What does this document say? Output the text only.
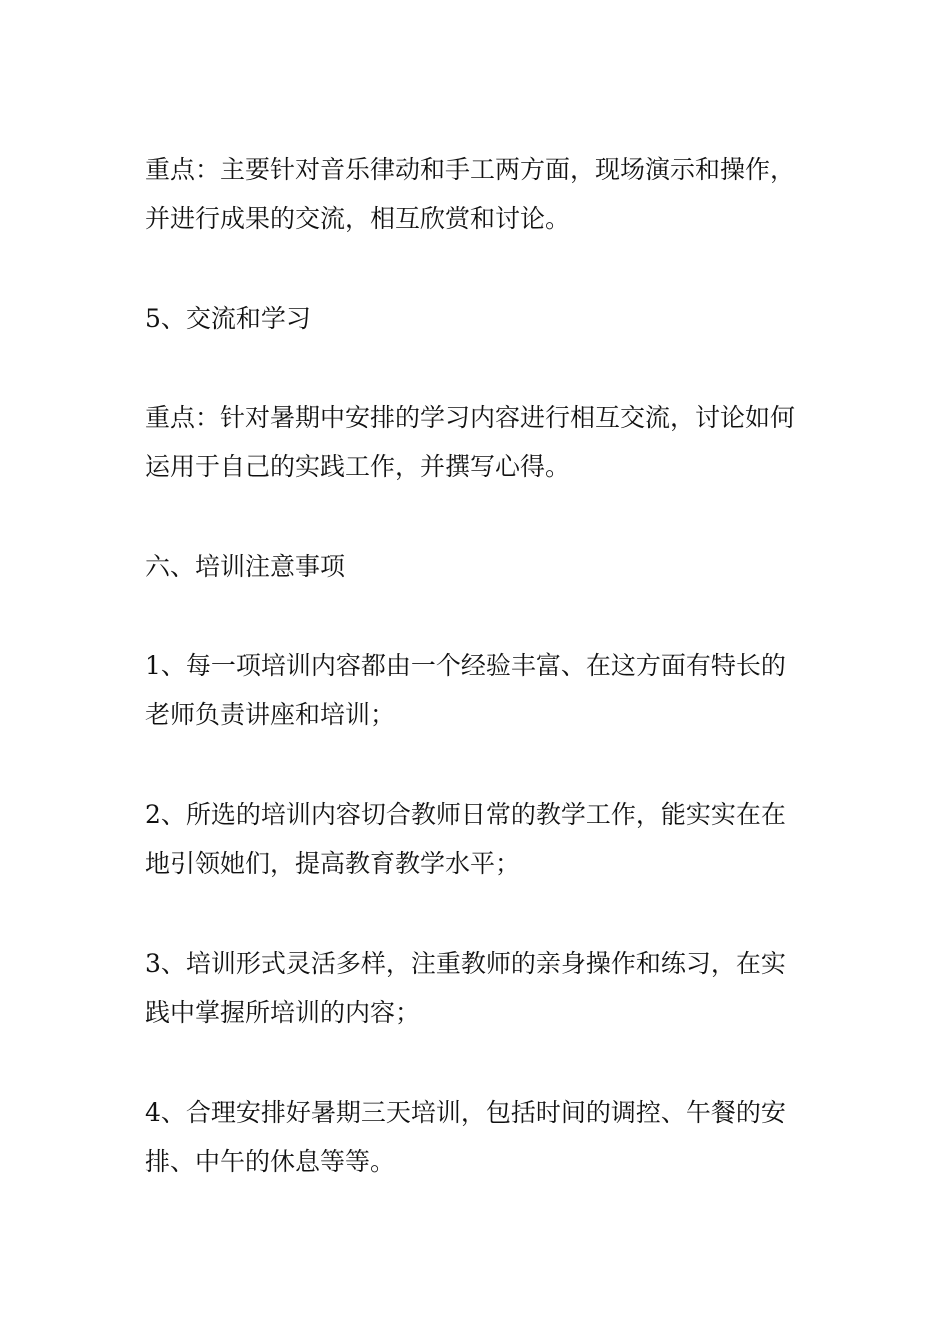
重点：主要针对音乐律动和手工两方面，现场演示和操作，
并进行成果的交流，相互欣赏和讨论。

5、交流和学习

重点：针对暑期中安排的学习内容进行相互交流，讨论如何
运用于自己的实践工作，并撰写心得。

六、培训注意事项

1、每一项培训内容都由一个经验丰富、在这方面有特长的
老师负责讲座和培训；

2、所选的培训内容切合教师日常的教学工作，能实实在在
地引领她们，提高教育教学水平；

3、培训形式灵活多样，注重教师的亲身操作和练习，在实
践中掌握所培训的内容；

4、合理安排好暑期三天培训，包括时间的调控、午餐的安
排、中午的休息等等。
